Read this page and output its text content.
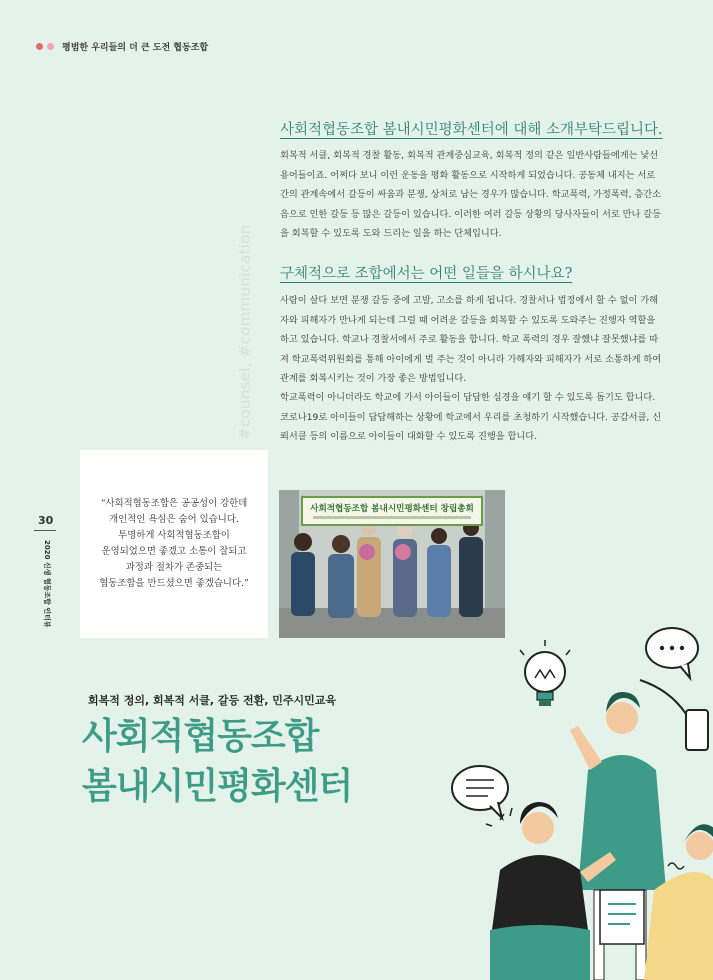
평범한 우리들의 더 큰 도전 협동조합
#counsel, #communication
사회적협동조합 봄내시민평화센터에 대해 소개부탁드립니다.
회복적 서클, 회복적 경찰 활동, 회복적 관계중심교육, 회복적 정의 같은 일반사람들에게는 낯선 용어들이죠. 어쩌다 보니 이런 운동을 평화 활동으로 시작하게 되었습니다. 공동체 내지는 서로 간의 관계속에서 갈등이 싸움과 분쟁, 상처로 남는 경우가 많습니다. 학교폭력, 가정폭력, 층간소음으로 인한 갈등 등 많은 갈등이 있습니다. 이러한 여러 갈등 상황의 당사자들이 서로 만나 갈등을 회복할 수 있도록 도와 드리는 일을 하는 단체입니다.
구체적으로 조합에서는 어떤 일들을 하시나요?
사람이 살다 보면 분쟁 갈등 중에 고발, 고소를 하게 됩니다. 경찰서나 법정에서 할 수 없이 가해자와 피해자가 만나게 되는데 그럴 때 어려운 갈등을 회복할 수 있도록 도와주는 진행자 역할을 하고 있습니다. 학교나 경찰서에서 주로 활동을 합니다. 학교 폭력의 경우 잘했냐 잘못했냐를 따져 학교폭력위원회를 통해 아이에게 벌 주는 것이 아니라 가해자와 피해자가 서로 소통하게 하여 관계를 회복시키는 것이 가장 좋은 방법입니다.
학교폭력이 아니더라도 학교에 가서 아이들이 답답한 심경을 얘기 할 수 있도록 돕기도 합니다. 코로나19로 아이들이 답답해하는 상황에 학교에서 우리를 초청하기 시작했습니다. 공감서클, 신뢰서클 등의 이름으로 아이들이 대화할 수 있도록 진행을 합니다.
“사회적협동조합은 공공성이 강한데
개인적인 욕심은 숨어 있습니다.
투명하게 사회적협동조합이
운영되었으면 좋겠고 소통이 잘되고
과정과 절차가 존중되는
협동조합을 만드셨으면 좋겠습니다.”
30
2020 신생 협동조합 인터뷰
사회적협동조합 봄내시민평화센터 창립총회
회복적 정의, 회복적 서클, 갈등 전환, 민주시민교육
사회적협동조합
봄내시민평화센터
